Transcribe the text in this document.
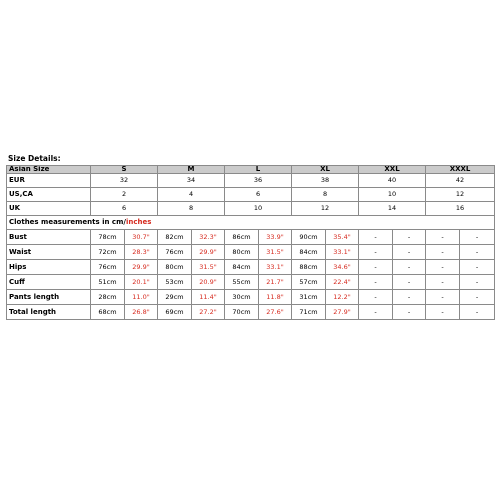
Size Details:
Asian Size	S		M		L		XL		XXL		XXXL	
EUR	32		34		36		38		40		42	
US,CA	2		4		6		8		10		12	
UK	6		8		10		12		14		16	
Clothes measurements in cm/inches												
Bust	78cm	30.7"	82cm	32.3"	86cm	33.9"	90cm	35.4"	-	-	-	-
Waist	72cm	28.3"	76cm	29.9"	80cm	31.5"	84cm	33.1"	-	-	-	-
Hips	76cm	29.9"	80cm	31.5"	84cm	33.1"	88cm	34.6"	-	-	-	-
Cuff	51cm	20.1"	53cm	20.9"	55cm	21.7"	57cm	22.4"	-	-	-	-
Pants length	28cm	11.0"	29cm	11.4"	30cm	11.8"	31cm	12.2"	-	-	-	-
Total length	68cm	26.8"	69cm	27.2"	70cm	27.6"	71cm	27.9"	-	-	-	-
